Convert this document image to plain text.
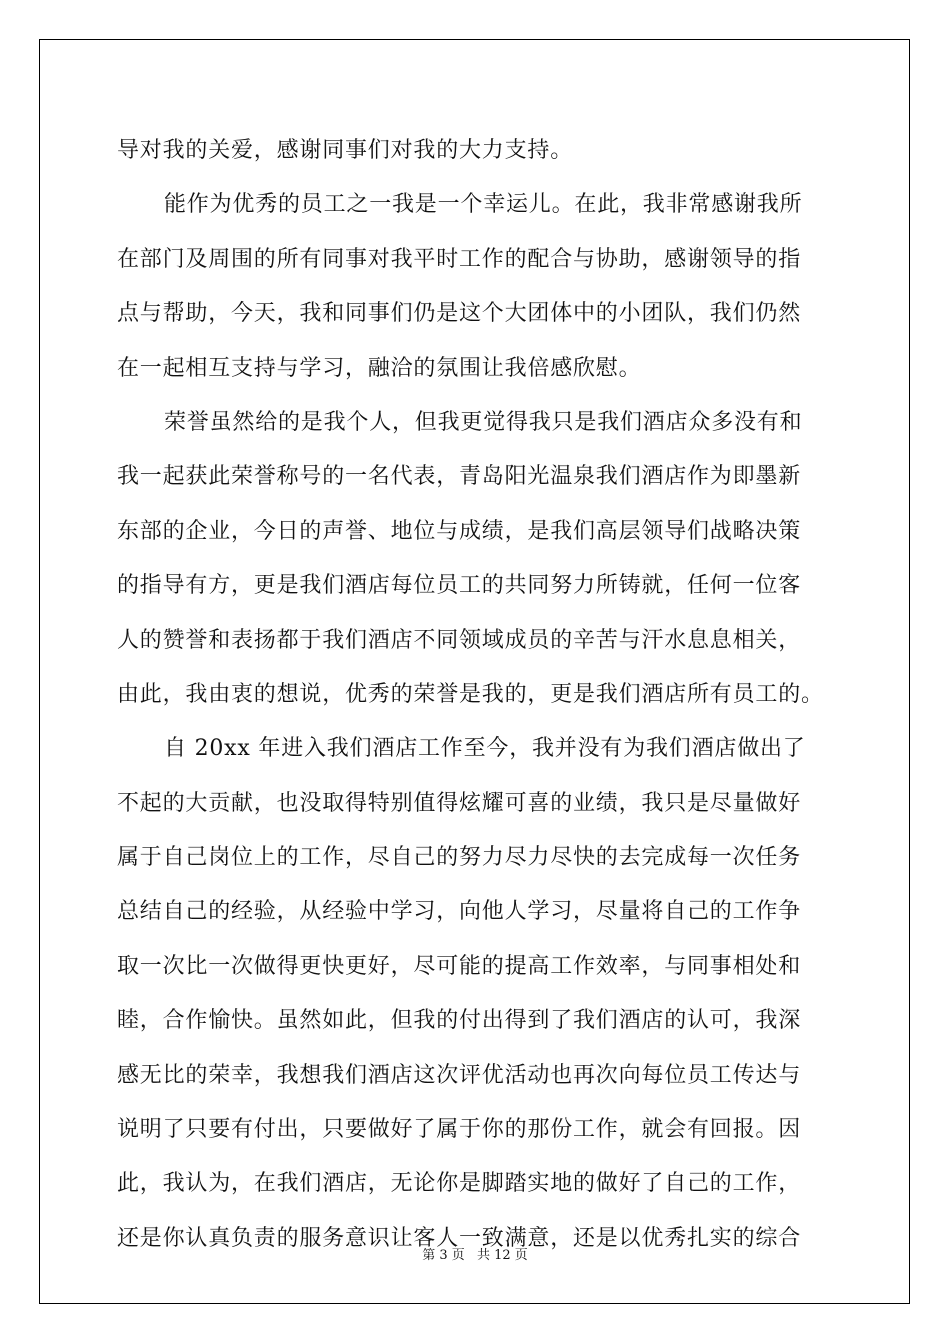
导对我的关爱，感谢同事们对我的大力支持。
能作为优秀的员工之一我是一个幸运儿。在此，我非常感谢我所
在部门及周围的所有同事对我平时工作的配合与协助，感谢领导的指
点与帮助，今天，我和同事们仍是这个大团体中的小团队，我们仍然
在一起相互支持与学习，融洽的氛围让我倍感欣慰。
荣誉虽然给的是我个人，但我更觉得我只是我们酒店众多没有和
我一起获此荣誉称号的一名代表，青岛阳光温泉我们酒店作为即墨新
东部的企业，今日的声誉、地位与成绩，是我们高层领导们战略决策
的指导有方，更是我们酒店每位员工的共同努力所铸就，任何一位客
人的赞誉和表扬都于我们酒店不同领域成员的辛苦与汗水息息相关，
由此，我由衷的想说，优秀的荣誉是我的，更是我们酒店所有员工的。
自 20xx 年进入我们酒店工作至今，我并没有为我们酒店做出了
不起的大贡献，也没取得特别值得炫耀可喜的业绩，我只是尽量做好
属于自己岗位上的工作，尽自己的努力尽力尽快的去完成每一次任务
总结自己的经验，从经验中学习，向他人学习，尽量将自己的工作争
取一次比一次做得更快更好，尽可能的提高工作效率，与同事相处和
睦，合作愉快。虽然如此，但我的付出得到了我们酒店的认可，我深
感无比的荣幸，我想我们酒店这次评优活动也再次向每位员工传达与
说明了只要有付出，只要做好了属于你的那份工作，就会有回报。因
此，我认为，在我们酒店，无论你是脚踏实地的做好了自己的工作，
还是你认真负责的服务意识让客人一致满意，还是以优秀扎实的综合
第 3 页 共 12 页
